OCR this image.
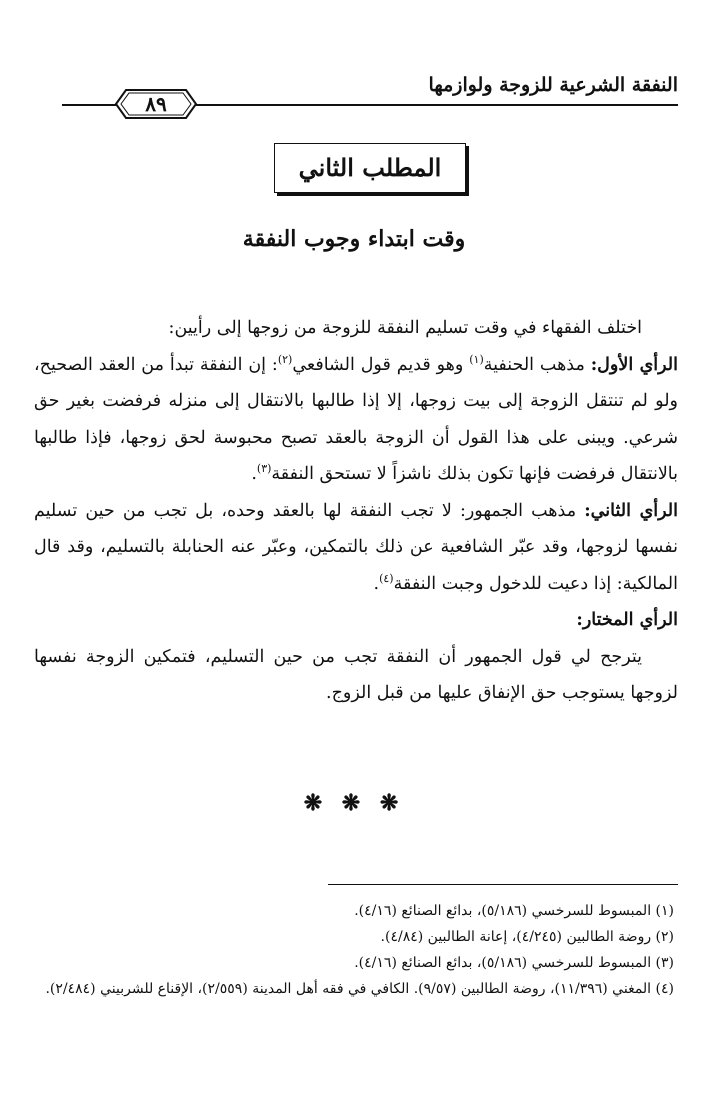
النفقة الشرعية للزوجة ولوازمها
٨٩
المطلب الثاني
وقت ابتداء وجوب النفقة

اختلف الفقهاء في وقت تسليم النفقة للزوجة من زوجها إلى رأيين:

الرأي الأول: مذهب الحنفية$^{(١)}$ وهو قديم قول الشافعي$^{(٢)}$: إن النفقة تبدأ من العقد الصحيح، ولو لم تنتقل الزوجة إلى بيت زوجها، إلا إذا طالبها بالانتقال إلى منزله فرفضت بغير حق شرعي. ويبنى على هذا القول أن الزوجة بالعقد تصبح محبوسة لحق زوجها، فإذا طالبها بالانتقال فرفضت فإنها تكون بذلك ناشزاً لا تستحق النفقة$^{(٣)}$.

الرأي الثاني: مذهب الجمهور: لا تجب النفقة لها بالعقد وحده، بل تجب من حين تسليم نفسها لزوجها، وقد عبّر الشافعية عن ذلك بالتمكين، وعبّر عنه الحنابلة بالتسليم، وقد قال المالكية: إذا دعيت للدخول وجبت النفقة$^{(٤)}$.

الرأي المختار:

يترجح لي قول الجمهور أن النفقة تجب من حين التسليم، فتمكين الزوجة نفسها لزوجها يستوجب حق الإنفاق عليها من قبل الزوج.

❋ ❋ ❋

(١) المبسوط للسرخسي (٥/١٨٦)، بدائع الصنائع (٤/١٦).

(٢) روضة الطالبين (٤/٢٤٥)، إعانة الطالبين (٤/٨٤).

(٣) المبسوط للسرخسي (٥/١٨٦)، بدائع الصنائع (٤/١٦).

(٤) المغني (١١/٣٩٦)، روضة الطالبين (٩/٥٧). الكافي في فقه أهل المدينة (٢/٥٥٩)، الإقناع للشربيني (٢/٤٨٤).
